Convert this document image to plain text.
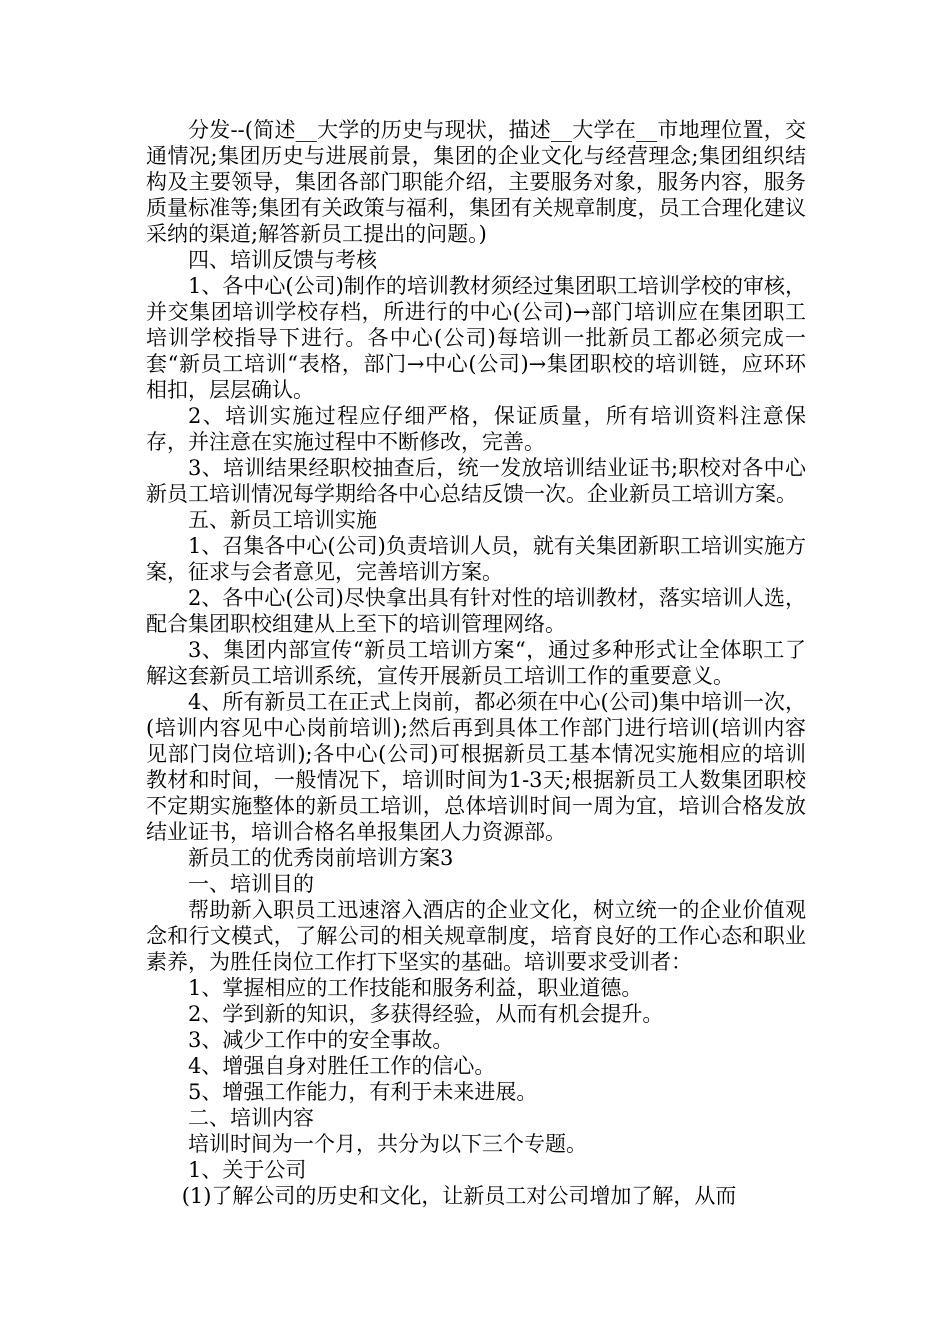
分发--(简述__大学的历史与现状，描述__大学在__市地理位置，交通情况;集团历史与进展前景，集团的企业文化与经营理念;集团组织结构及主要领导，集团各部门职能介绍，主要服务对象，服务内容，服务质量标准等;集团有关政策与福利，集团有关规章制度，员工合理化建议采纳的渠道;解答新员工提出的问题。)

四、培训反馈与考核

1、各中心(公司)制作的培训教材须经过集团职工培训学校的审核，并交集团培训学校存档，所进行的中心(公司)→部门培训应在集团职工培训学校指导下进行。各中心(公司)每培训一批新员工都必须完成一套“新员工培训“表格，部门→中心(公司)→集团职校的培训链，应环环相扣，层层确认。

2、培训实施过程应仔细严格，保证质量，所有培训资料注意保存，并注意在实施过程中不断修改，完善。

3、培训结果经职校抽查后，统一发放培训结业证书;职校对各中心新员工培训情况每学期给各中心总结反馈一次。企业新员工培训方案。

五、新员工培训实施

1、召集各中心(公司)负责培训人员，就有关集团新职工培训实施方案，征求与会者意见，完善培训方案。

2、各中心(公司)尽快拿出具有针对性的培训教材，落实培训人选，配合集团职校组建从上至下的培训管理网络。

3、集团内部宣传“新员工培训方案“，通过多种形式让全体职工了解这套新员工培训系统，宣传开展新员工培训工作的重要意义。

4、所有新员工在正式上岗前，都必须在中心(公司)集中培训一次，(培训内容见中心岗前培训);然后再到具体工作部门进行培训(培训内容见部门岗位培训);各中心(公司)可根据新员工基本情况实施相应的培训教材和时间，一般情况下，培训时间为1-3天;根据新员工人数集团职校不定期实施整体的新员工培训，总体培训时间一周为宜，培训合格发放结业证书，培训合格名单报集团人力资源部。

新员工的优秀岗前培训方案3

一、培训目的

帮助新入职员工迅速溶入酒店的企业文化，树立统一的企业价值观念和行文模式，了解公司的相关规章制度，培育良好的工作心态和职业素养，为胜任岗位工作打下坚实的基础。培训要求受训者：

1、掌握相应的工作技能和服务利益，职业道德。

2、学到新的知识，多获得经验，从而有机会提升。

3、减少工作中的安全事故。

4、增强自身对胜任工作的信心。

5、增强工作能力，有利于未来进展。

二、培训内容

培训时间为一个月，共分为以下三个专题。

1、关于公司

(1)了解公司的历史和文化，让新员工对公司增加了解，从而
